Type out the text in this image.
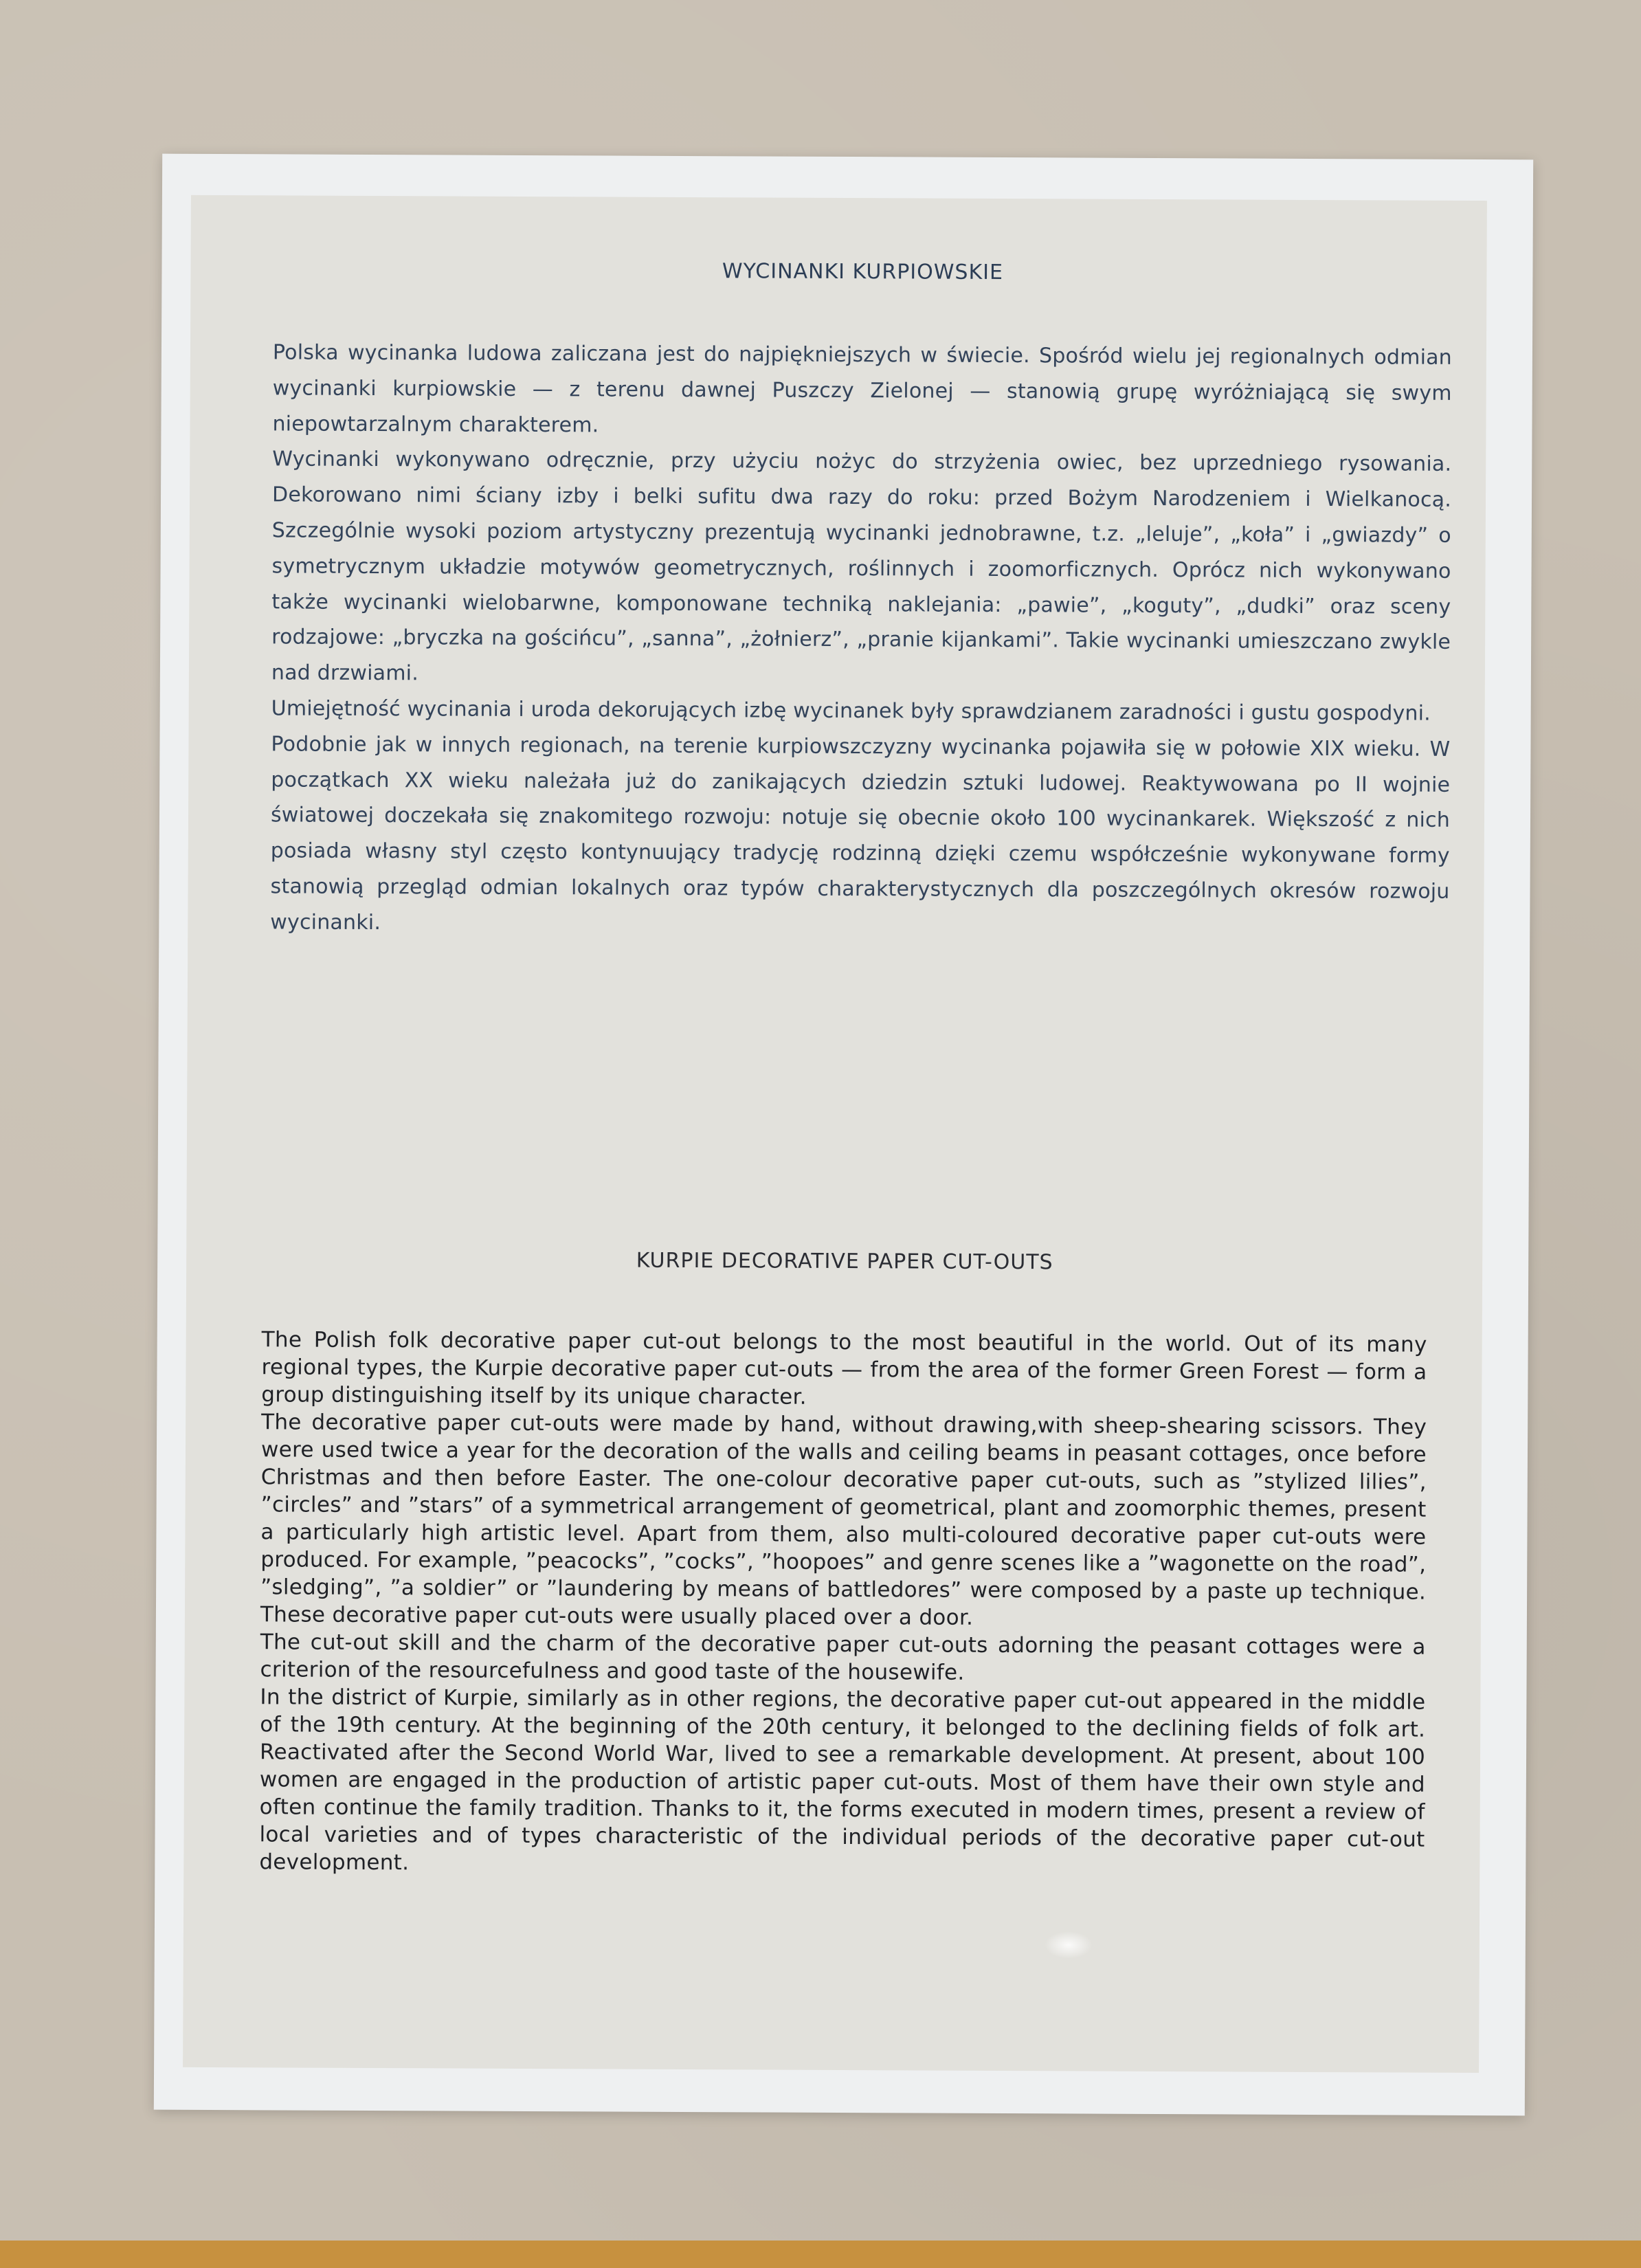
WYCINANKI KURPIOWSKIE

Polska wycinanka ludowa zaliczana jest do najpiękniejszych w świecie. Spośród wielu jej regionalnych odmian wycinanki kurpiowskie — z terenu dawnej Puszczy Zielonej — stanowią grupę wyróżniającą się swym niepowtarzalnym charakterem.

Wycinanki wykonywano odręcznie, przy użyciu nożyc do strzyżenia owiec, bez uprzedniego rysowania. Dekorowano nimi ściany izby i belki sufitu dwa razy do roku: przed Bożym Narodzeniem i Wielkanocą. Szczególnie wysoki poziom artystyczny prezentują wycinanki jednobrawne, t.z. „leluje”, „koła” i „gwiazdy” o symetrycznym układzie motywów geometrycznych, roślinnych i zoomorficznych. Oprócz nich wykonywano także wycinanki wielobarwne, komponowane techniką naklejania: „pawie”, „koguty”, „dudki” oraz sceny rodzajowe: „bryczka na gościńcu”, „sanna”, „żołnierz”, „pranie kijankami”. Takie wycinanki umieszczano zwykle nad drzwiami.

Umiejętność wycinania i uroda dekorujących izbę wycinanek były sprawdzianem zaradności i gustu gospodyni.

Podobnie jak w innych regionach, na terenie kurpiowszczyzny wycinanka pojawiła się w połowie XIX wieku. W początkach XX wieku należała już do zanikających dziedzin sztuki ludowej. Reaktywowana po II wojnie światowej doczekała się znakomitego rozwoju: notuje się obecnie około 100 wycinankarek. Większość z nich posiada własny styl często kontynuujący tradycję rodzinną dzięki czemu współcześnie wykonywane formy stanowią przegląd odmian lokalnych oraz typów charakterystycznych dla poszczególnych okresów rozwoju wycinanki.

KURPIE DECORATIVE PAPER CUT-OUTS

The Polish folk decorative paper cut-out belongs to the most beautiful in the world. Out of its many regional types, the Kurpie decorative paper cut-outs — from the area of the former Green Forest — form a group distinguishing itself by its unique character.

The decorative paper cut-outs were made by hand, without drawing,with sheep-shearing scissors. They were used twice a year for the decoration of the walls and ceiling beams in peasant cottages, once before Christmas and then before Easter. The one-colour decorative paper cut-outs, such as ”stylized lilies”, ”circles” and ”stars” of a symmetrical arrangement of geometrical, plant and zoomorphic themes, present a particularly high artistic level. Apart from them, also multi-coloured decorative paper cut-outs were produced. For example, ”peacocks”, ”cocks”, ”hoopoes” and genre scenes like a ”wagonette on the road”, ”sledging”, ”a soldier” or ”laundering by means of battledores” were composed by a paste up technique. These decorative paper cut-outs were usually placed over a door.

The cut-out skill and the charm of the decorative paper cut-outs adorning the peasant cottages were a criterion of the resourcefulness and good taste of the housewife.

In the district of Kurpie, similarly as in other regions, the decorative paper cut-out appeared in the middle of the 19th century. At the beginning of the 20th century, it belonged to the declining fields of folk art. Reactivated after the Second World War, lived to see a remarkable development. At present, about 100 women are engaged in the production of artistic paper cut-outs. Most of them have their own style and often continue the family tradition. Thanks to it, the forms executed in modern times, present a review of local varieties and of types characteristic of the individual periods of the decorative paper cut-out development.
